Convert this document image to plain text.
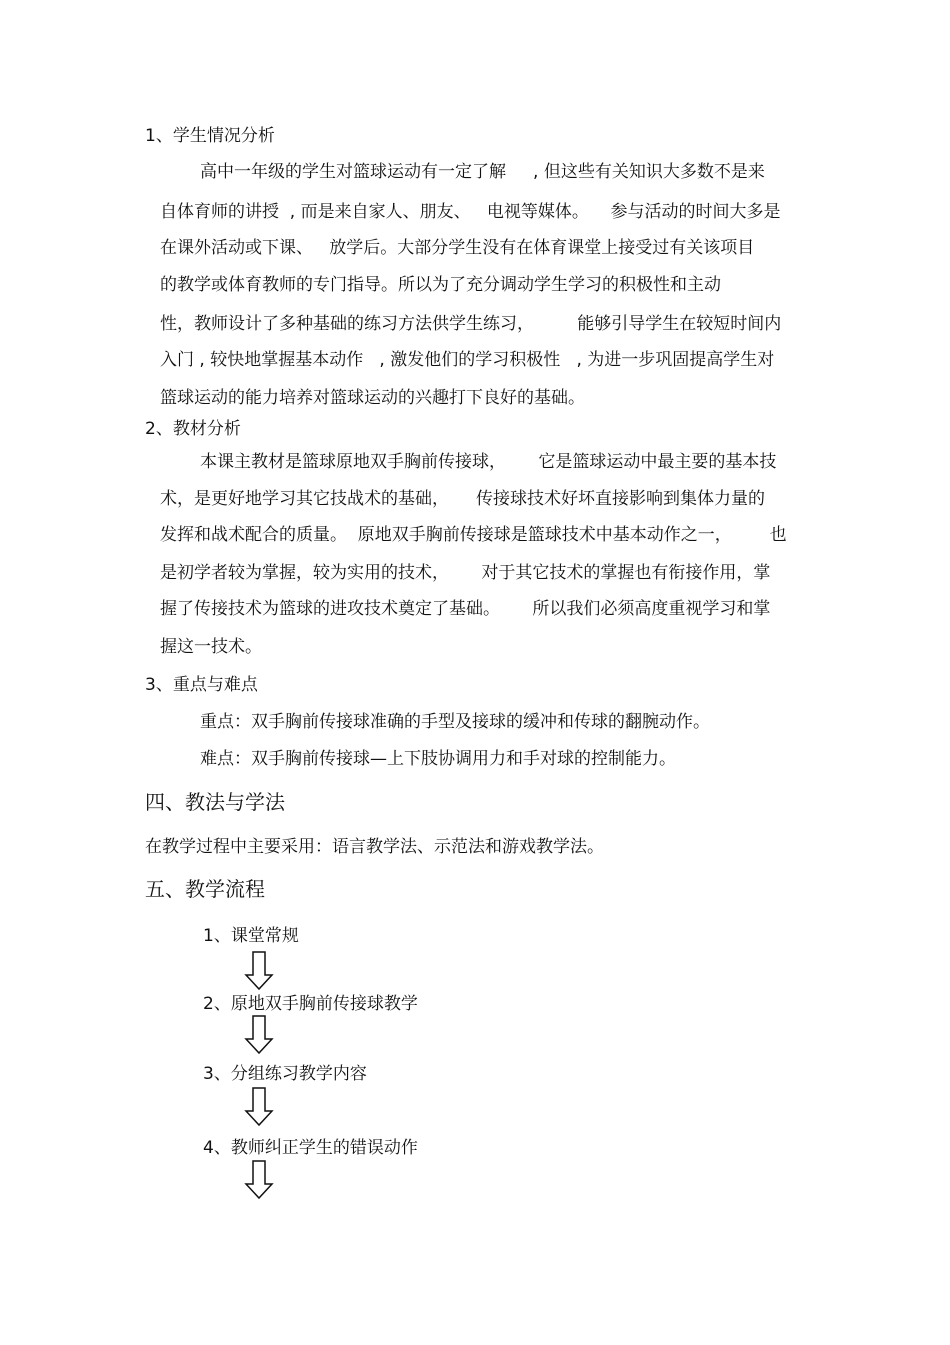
1、学生情况分析
高中一年级的学生对篮球运动有一定了解     , 但这些有关知识大多数不是来
自体育师的讲授  , 而是来自家人、朋友、   电视等媒体。    参与活动的时间大多是
在课外活动或下课、   放学后。大部分学生没有在体育课堂上接受过有关该项目
的教学或体育教师的专门指导。所以为了充分调动学生学习的积极性和主动
性，教师设计了多种基础的练习方法供学生练习，        能够引导学生在较短时间内
入门 , 较快地掌握基本动作   , 激发他们的学习积极性   , 为进一步巩固提高学生对
篮球运动的能力培养对篮球运动的兴趣打下良好的基础。
2、教材分析
本课主教材是篮球原地双手胸前传接球，      它是篮球运动中最主要的基本技
术，是更好地学习其它技战术的基础，     传接球技术好坏直接影响到集体力量的
发挥和战术配合的质量。  原地双手胸前传接球是篮球技术中基本动作之一，       也
是初学者较为掌握，较为实用的技术，      对于其它技术的掌握也有衔接作用，掌
握了传接技术为篮球的进攻技术奠定了基础。      所以我们必须高度重视学习和掌
握这一技术。
3、重点与难点
重点：双手胸前传接球准确的手型及接球的缓冲和传球的翻腕动作。
难点：双手胸前传接球—上下肢协调用力和手对球的控制能力。
四、教法与学法
在教学过程中主要采用：语言教学法、示范法和游戏教学法。
五、教学流程
1、课堂常规
2、原地双手胸前传接球教学
3、分组练习教学内容
4、教师纠正学生的错误动作
